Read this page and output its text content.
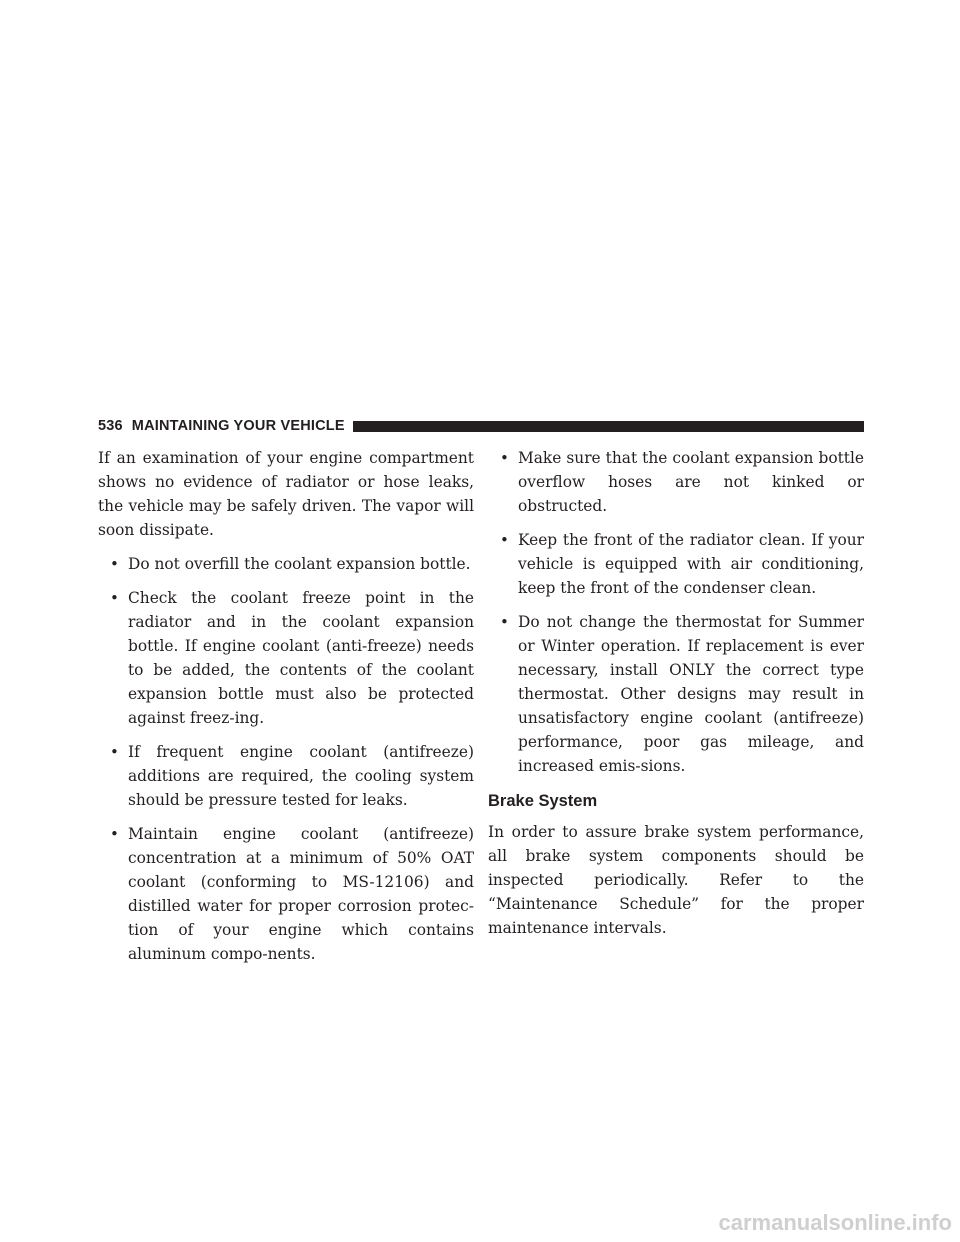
536 MAINTAINING YOUR VEHICLE

If an examination of your engine compartment shows no evidence of radiator or hose leaks, the vehicle may be safely driven. The vapor will soon dissipate.

• Do not overfill the coolant expansion bottle.
• Check the coolant freeze point in the radiator and in the coolant expansion bottle. If engine coolant (anti-freeze) needs to be added, the contents of the coolant expansion bottle must also be protected against freez-ing.
• If frequent engine coolant (antifreeze) additions are required, the cooling system should be pressure tested for leaks.
• Maintain engine coolant (antifreeze) concentration at a minimum of 50% OAT coolant (conforming to MS-12106) and distilled water for proper corrosion protec-tion of your engine which contains aluminum compo-nents.
• Make sure that the coolant expansion bottle overflow hoses are not kinked or obstructed.
• Keep the front of the radiator clean. If your vehicle is equipped with air conditioning, keep the front of the condenser clean.
• Do not change the thermostat for Summer or Winter operation. If replacement is ever necessary, install ONLY the correct type thermostat. Other designs may result in unsatisfactory engine coolant (antifreeze) performance, poor gas mileage, and increased emis-sions.
Brake System

In order to assure brake system performance, all brake system components should be inspected periodically. Refer to the “Maintenance Schedule” for the proper maintenance intervals.

carmanualsonline.info
